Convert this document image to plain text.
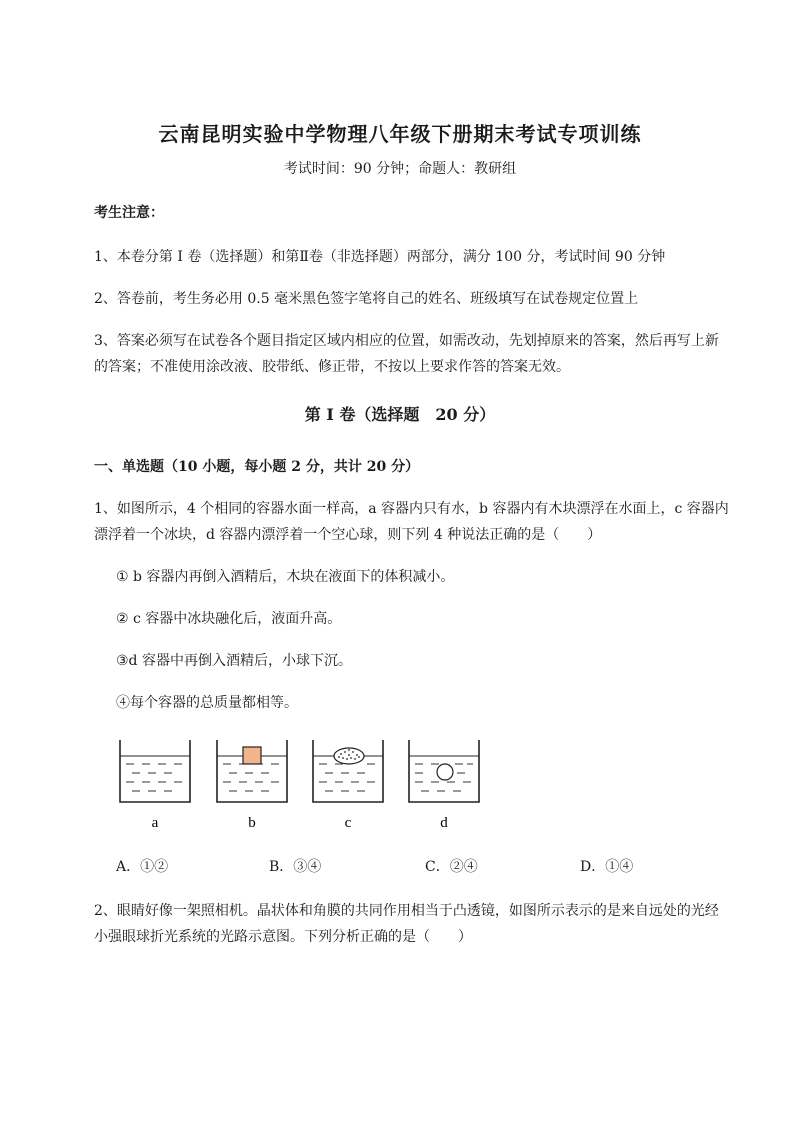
云南昆明实验中学物理八年级下册期末考试专项训练
考试时间：90 分钟；命题人：教研组
考生注意：
1、本卷分第 I 卷（选择题）和第Ⅱ卷（非选择题）两部分，满分 100 分，考试时间 90 分钟
2、答卷前，考生务必用 0.5 毫米黑色签字笔将自己的姓名、班级填写在试卷规定位置上
3、答案必须写在试卷各个题目指定区域内相应的位置，如需改动，先划掉原来的答案，然后再写上新
的答案；不准使用涂改液、胶带纸、修正带，不按以上要求作答的答案无效。
第 I 卷（选择题　20 分）
一、单选题（10 小题，每小题 2 分，共计 20 分）
1、如图所示，4 个相同的容器水面一样高，a 容器内只有水，b 容器内有木块漂浮在水面上，c 容器内
漂浮着一个冰块，d 容器内漂浮着一个空心球，则下列 4 种说法正确的是（　　）
① b 容器内再倒入酒精后，木块在液面下的体积减小。
② c 容器中冰块融化后，液面升高。
③d 容器中再倒入酒精后，小球下沉。
④每个容器的总质量都相等。
a	b	c	d
A．①②	B．③④	C．②④	D．①④
2、眼睛好像一架照相机。晶状体和角膜的共同作用相当于凸透镜，如图所示表示的是来自远处的光经
小强眼球折光系统的光路示意图。下列分析正确的是（　　）
